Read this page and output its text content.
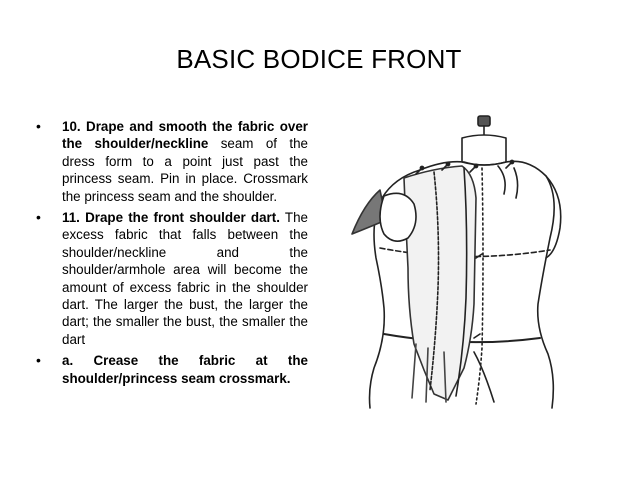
BASIC BODICE FRONT
• 10. Drape and smooth the fabric over the shoulder/neckline seam of the dress form to a point just past the princess seam. Pin in place. Crossmark the princess seam and the shoulder.
• 11. Drape the front shoulder dart. The excess fabric that falls between the shoulder/neckline and the shoulder/armhole area will become the amount of excess fabric in the shoulder dart. The larger the bust, the larger the dart; the smaller the bust, the smaller the dart
• a. Crease the fabric at the shoulder/princess seam crossmark.
